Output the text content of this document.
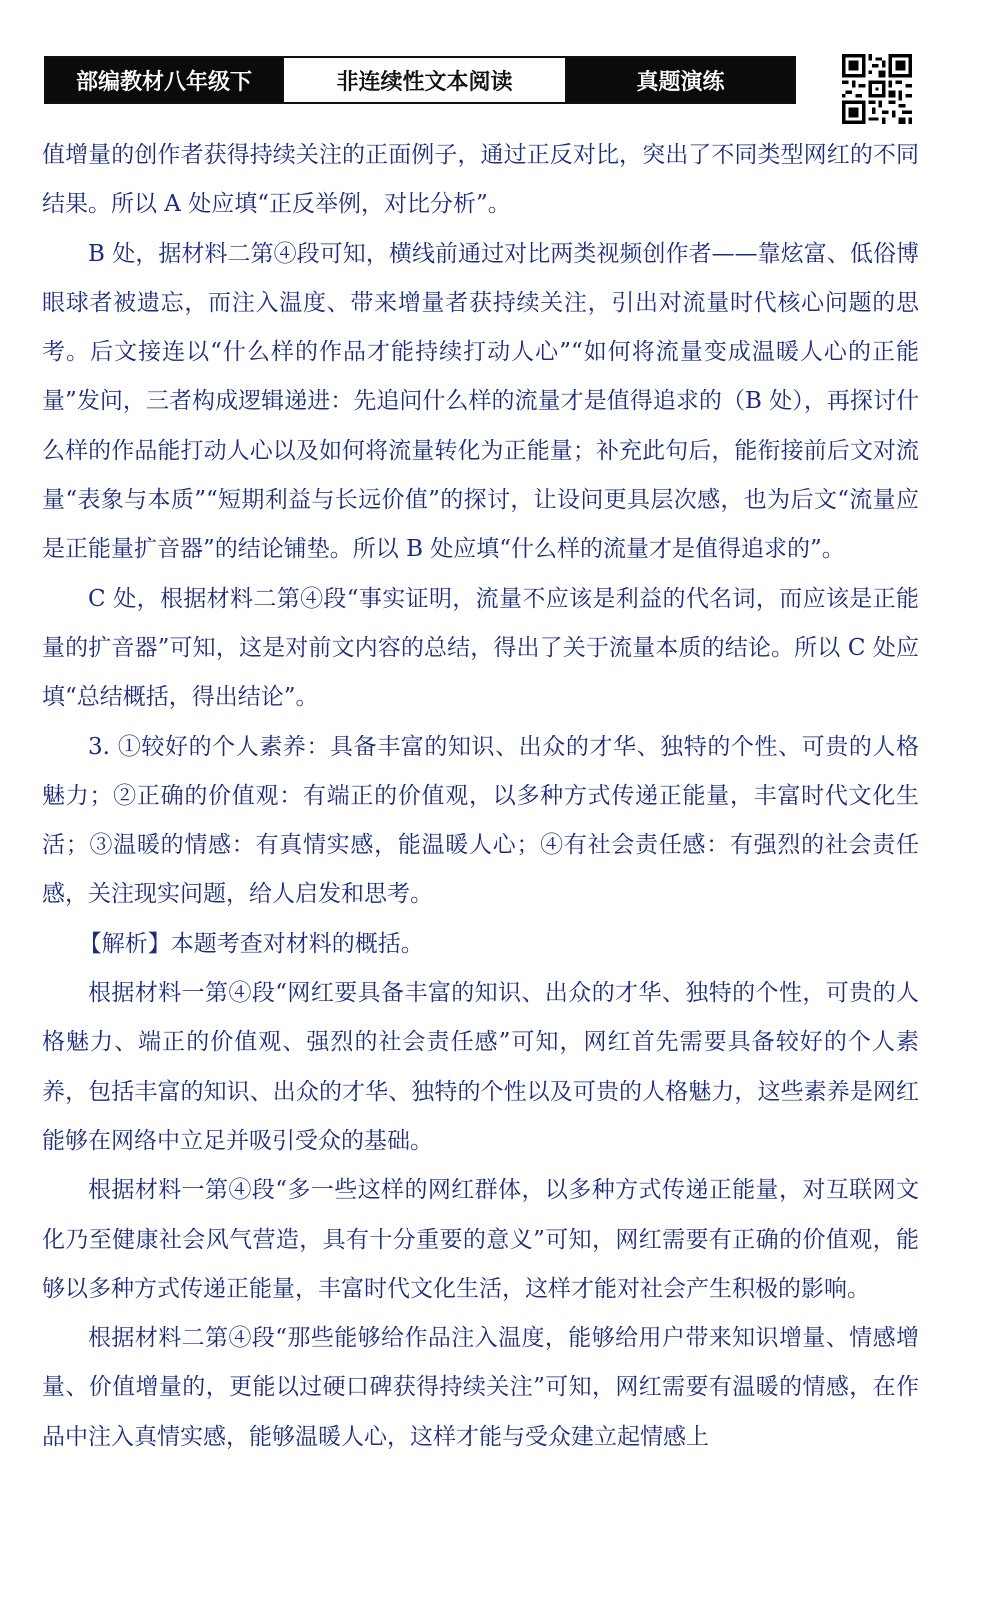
部编教材八年级下	非连续性文本阅读	真题演练

值增量的创作者获得持续关注的正面例子，通过正反对比，突出了不同类型网红的不同结果。所以 A 处应填“正反举例，对比分析”。

B 处，据材料二第④段可知，横线前通过对比两类视频创作者——靠炫富、低俗博眼球者被遗忘，而注入温度、带来增量者获持续关注，引出对流量时代核心问题的思考。后文接连以“什么样的作品才能持续打动人心”“如何将流量变成温暖人心的正能量”发问，三者构成逻辑递进：先追问什么样的流量才是值得追求的（B 处），再探讨什么样的作品能打动人心以及如何将流量转化为正能量；补充此句后，能衔接前后文对流量“表象与本质”“短期利益与长远价值”的探讨，让设问更具层次感，也为后文“流量应是正能量扩音器”的结论铺垫。所以 B 处应填“什么样的流量才是值得追求的”。

C 处，根据材料二第④段“事实证明，流量不应该是利益的代名词，而应该是正能量的扩音器”可知，这是对前文内容的总结，得出了关于流量本质的结论。所以 C 处应填“总结概括，得出结论”。

3. ①较好的个人素养：具备丰富的知识、出众的才华、独特的个性、可贵的人格魅力；②正确的价值观：有端正的价值观，以多种方式传递正能量，丰富时代文化生活；③温暖的情感：有真情实感，能温暖人心；④有社会责任感：有强烈的社会责任感，关注现实问题，给人启发和思考。

【解析】本题考查对材料的概括。

根据材料一第④段“网红要具备丰富的知识、出众的才华、独特的个性，可贵的人格魅力、端正的价值观、强烈的社会责任感”可知，网红首先需要具备较好的个人素养，包括丰富的知识、出众的才华、独特的个性以及可贵的人格魅力，这些素养是网红能够在网络中立足并吸引受众的基础。

根据材料一第④段“多一些这样的网红群体，以多种方式传递正能量，对互联网文化乃至健康社会风气营造，具有十分重要的意义”可知，网红需要有正确的价值观，能够以多种方式传递正能量，丰富时代文化生活，这样才能对社会产生积极的影响。

根据材料二第④段“那些能够给作品注入温度，能够给用户带来知识增量、情感增量、价值增量的，更能以过硬口碑获得持续关注”可知，网红需要有温暖的情感，在作品中注入真情实感，能够温暖人心，这样才能与受众建立起情感上
